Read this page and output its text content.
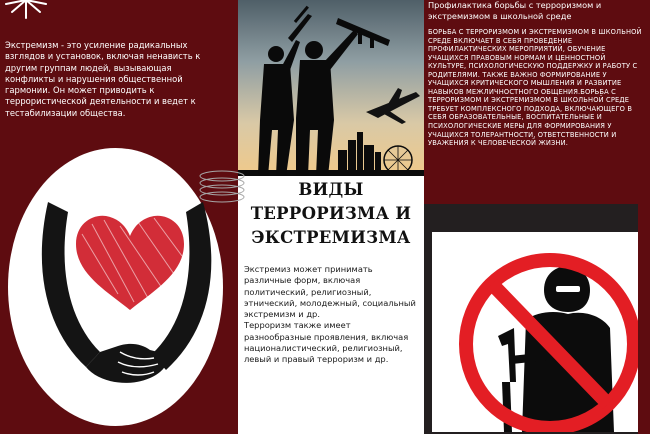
Экстремизм - это усиление радикальных взглядов и установок, включая ненависть к другим группам людей, вызывающая конфликты и нарушения общественной гармонии. Он может приводить к террористической деятельности и ведет к тестабилизации общества.
ВИДЫ
ТЕРРОРИЗМА И
ЭКСТРЕМИЗМА

Экстремиз может принимать различные форм, включая политический, религиозный, этнический, молодежный, социальный экстремизм и др.

Терроризм также имеет разнообразные проявления, включая националистический, религиозный, левый и правый терроризм и др.

Профилактика борьбы с терроризмом и экстремизмом в школьной среде
БОРЬБА С ТЕРРОРИЗМОМ И ЭКСТРЕМИЗМОМ В ШКОЛЬНОЙ СРЕДЕ ВКЛЮЧАЕТ В СЕБЯ ПРОВЕДЕНИЕ ПРОФИЛАКТИЧЕСКИХ МЕРОПРИЯТИЙ, ОБУЧЕНИЕ УЧАЩИХСЯ ПРАВОВЫМ НОРМАМ И ЦЕННОСТНОЙ КУЛЬТУРЕ, ПСИХОЛОГИЧЕСКУЮ ПОДДЕРЖКУ И РАБОТУ С РОДИТЕЛЯМИ. ТАКЖЕ ВАЖНО ФОРМИРОВАНИЕ У УЧАЩИХСЯ КРИТИЧЕСКОГО МЫШЛЕНИЯ И РАЗВИТИЕ НАВЫКОВ МЕЖЛИЧНОСТНОГО ОБЩЕНИЯ.БОРЬБА С ТЕРРОРИЗМОМ И ЭКСТРЕМИЗМОМ В ШКОЛЬНОЙ СРЕДЕ ТРЕБУЕТ КОМПЛЕКСНОГО ПОДХОДА, ВКЛЮЧАЮЩЕГО В СЕБЯ ОБРАЗОВАТЕЛЬНЫЕ, ВОСПИТАТЕЛЬНЫЕ И ПСИХОЛОГИЧЕСКИЕ МЕРЫ ДЛЯ ФОРМИРОВАНИЯ У УЧАЩИХСЯ ТОЛЕРАНТНОСТИ, ОТВЕТСТВЕННОСТИ И УВАЖЕНИЯ К ЧЕЛОВЕЧЕСКОЙ ЖИЗНИ.
